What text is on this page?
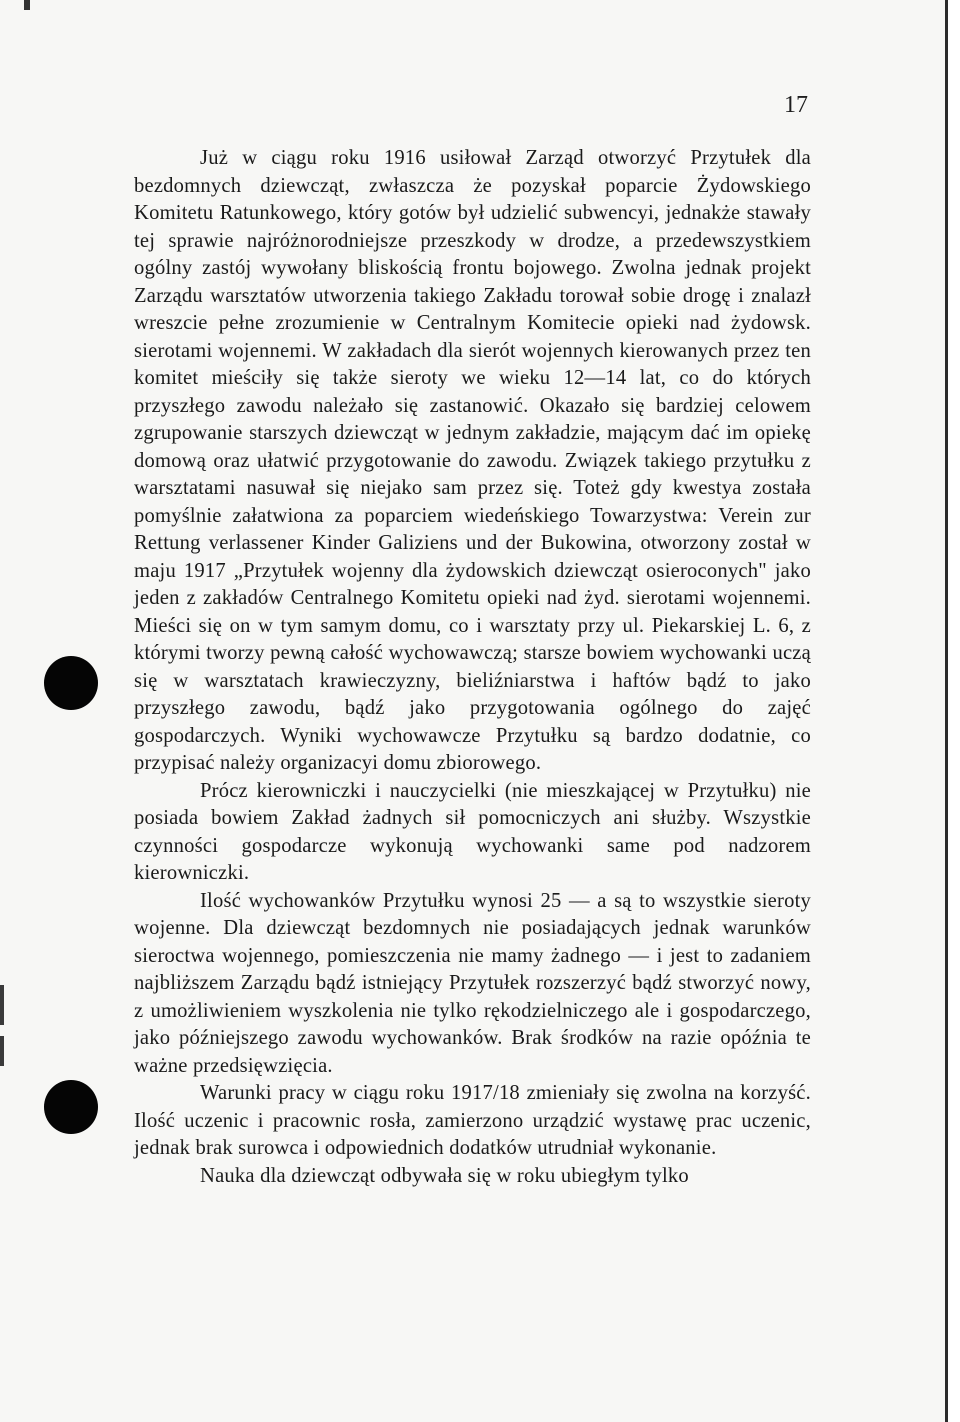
17

Już w ciągu roku 1916 usiłował Zarząd otworzyć Przytułek dla bezdomnych dziewcząt, zwłaszcza że pozyskał poparcie Żydowskiego Komitetu Ratunkowego, który gotów był udzielić subwencyi, jednakże stawały tej sprawie najróżnorodniejsze przeszkody w drodze, a przedewszystkiem ogólny zastój wywołany bliskością frontu bojowego. Zwolna jednak projekt Zarządu warsztatów utworzenia takiego Zakładu torował sobie drogę i znalazł wreszcie pełne zrozumienie w Centralnym Komitecie opieki nad żydowsk. sierotami wojennemi. W zakładach dla sierót wojennych kierowanych przez ten komitet mieściły się także sieroty we wieku 12—14 lat, co do których przyszłego zawodu należało się zastanowić. Okazało się bardziej celowem zgrupowanie starszych dziewcząt w jednym zakładzie, mającym dać im opiekę domową oraz ułatwić przygotowanie do zawodu. Związek takiego przytułku z warsztatami nasuwał się niejako sam przez się. Toteż gdy kwestya została pomyślnie załatwiona za poparciem wiedeńskiego Towarzystwa: Verein zur Rettung verlassener Kinder Galiziens und der Bukowina, otworzony został w maju 1917 „Przytułek wojenny dla żydowskich dziewcząt osieroconych" jako jeden z zakładów Centralnego Komitetu opieki nad żyd. sierotami wojennemi. Mieści się on w tym samym domu, co i warsztaty przy ul. Piekarskiej L. 6, z którymi tworzy pewną całość wychowawczą; starsze bowiem wychowanki uczą się w warsztatach krawieczyzny, bieliźniarstwa i haftów bądź to jako przyszłego zawodu, bądź jako przygotowania ogólnego do zajęć gospodarczych. Wyniki wychowawcze Przytułku są bardzo dodatnie, co przypisać należy organizacyi domu zbiorowego.

Prócz kierowniczki i nauczycielki (nie mieszkającej w Przytułku) nie posiada bowiem Zakład żadnych sił pomocniczych ani służby. Wszystkie czynności gospodarcze wykonują wychowanki same pod nadzorem kierowniczki.

Ilość wychowanków Przytułku wynosi 25 — a są to wszystkie sieroty wojenne. Dla dziewcząt bezdomnych nie posiadających jednak warunków sieroctwa wojennego, pomieszczenia nie mamy żadnego — i jest to zadaniem najbliższem Zarządu bądź istniejący Przytułek rozszerzyć bądź stworzyć nowy, z umożliwieniem wyszkolenia nie tylko rękodzielniczego ale i gospodarczego, jako późniejszego zawodu wychowanków. Brak środków na razie opóźnia te ważne przedsięwzięcia.

Warunki pracy w ciągu roku 1917/18 zmieniały się zwolna na korzyść. Ilość uczenic i pracownic rosła, zamierzono urządzić wystawę prac uczenic, jednak brak surowca i odpowiednich dodatków utrudniał wykonanie.

Nauka dla dziewcząt odbywała się w roku ubiegłym tylko
